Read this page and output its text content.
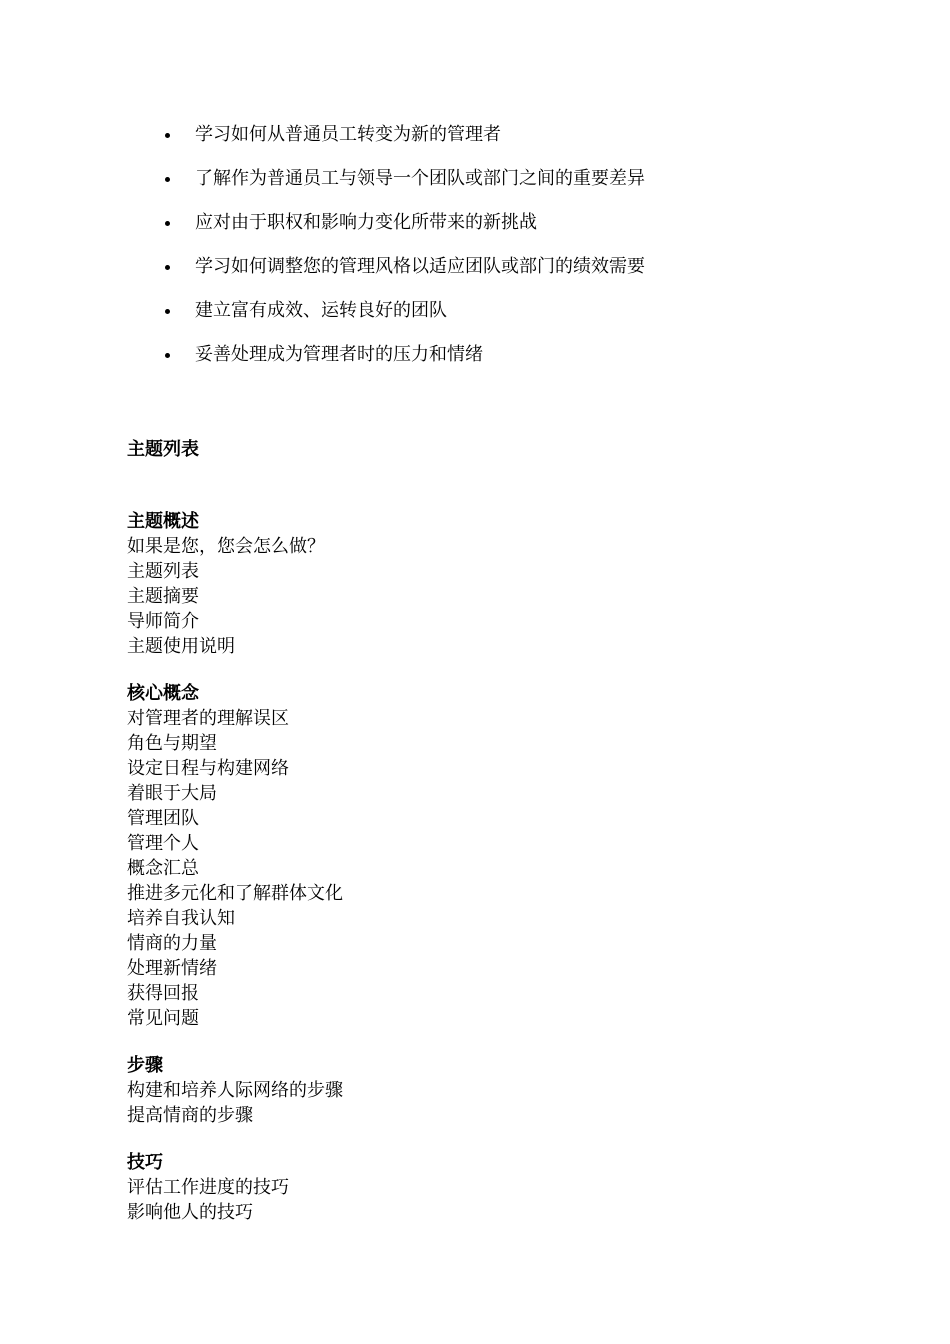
学习如何从普通员工转变为新的管理者
了解作为普通员工与领导一个团队或部门之间的重要差异
应对由于职权和影响力变化所带来的新挑战
学习如何调整您的管理风格以适应团队或部门的绩效需要
建立富有成效、运转良好的团队
妥善处理成为管理者时的压力和情绪
主题列表
主题概述
如果是您，您会怎么做？
主题列表
主题摘要
导师简介
主题使用说明
核心概念
对管理者的理解误区
角色与期望
设定日程与构建网络
着眼于大局
管理团队
管理个人
概念汇总
推进多元化和了解群体文化
培养自我认知
情商的力量
处理新情绪
获得回报
常见问题
步骤
构建和培养人际网络的步骤
提高情商的步骤
技巧
评估工作进度的技巧
影响他人的技巧
